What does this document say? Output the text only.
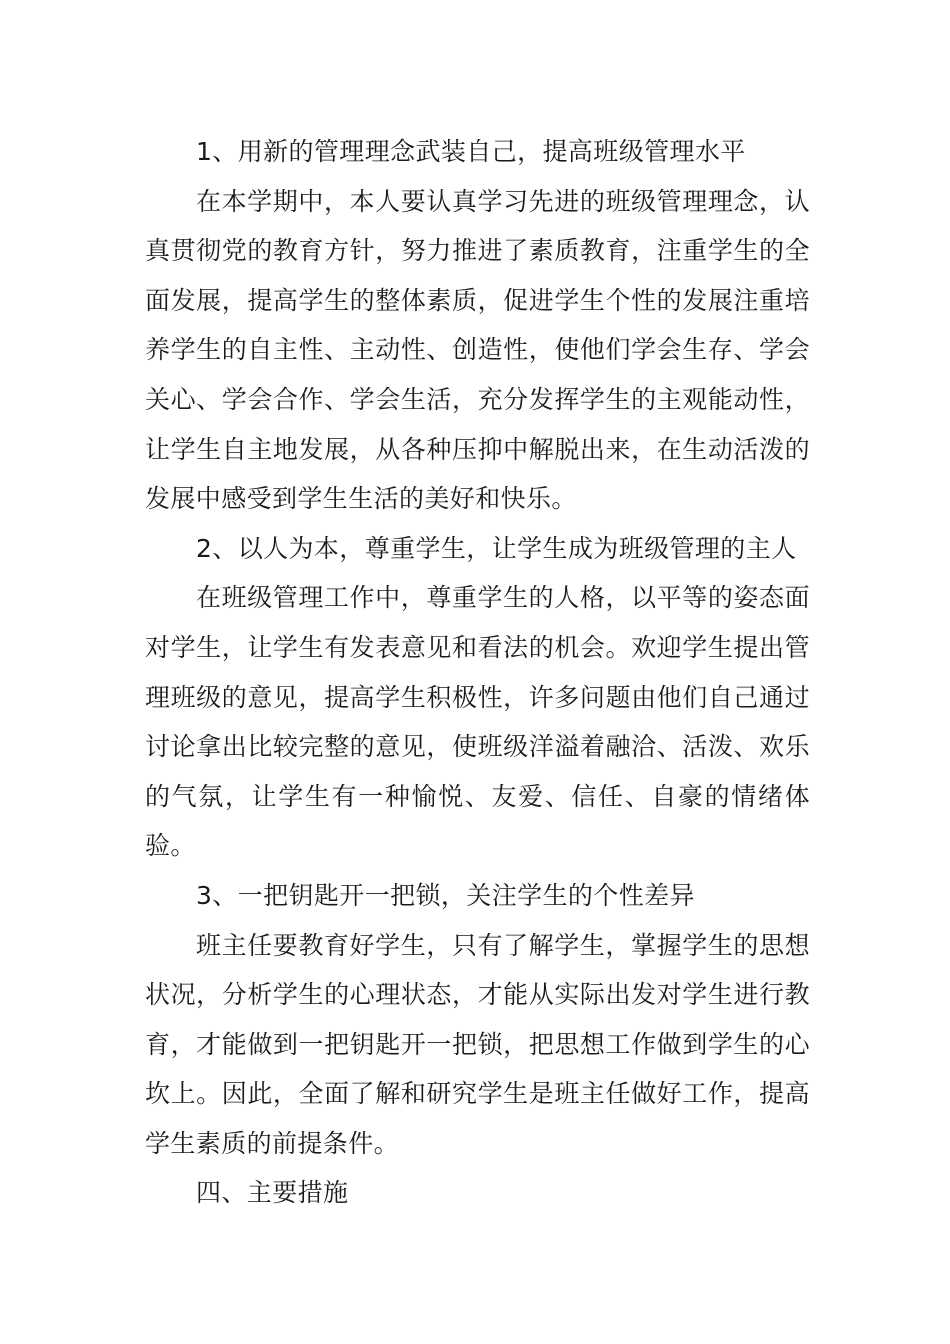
1、用新的管理理念武装自己，提高班级管理水平

在本学期中，本人要认真学习先进的班级管理理念，认真贯彻党的教育方针，努力推进了素质教育，注重学生的全面发展，提高学生的整体素质，促进学生个性的发展注重培养学生的自主性、主动性、创造性，使他们学会生存、学会关心、学会合作、学会生活，充分发挥学生的主观能动性，让学生自主地发展，从各种压抑中解脱出来，在生动活泼的发展中感受到学生生活的美好和快乐。

2、以人为本，尊重学生，让学生成为班级管理的主人

在班级管理工作中，尊重学生的人格，以平等的姿态面对学生，让学生有发表意见和看法的机会。欢迎学生提出管理班级的意见，提高学生积极性，许多问题由他们自己通过讨论拿出比较完整的意见，使班级洋溢着融洽、活泼、欢乐的气氛，让学生有一种愉悦、友爱、信任、自豪的情绪体验。

3、一把钥匙开一把锁，关注学生的个性差异

班主任要教育好学生，只有了解学生，掌握学生的思想状况，分析学生的心理状态，才能从实际出发对学生进行教育，才能做到一把钥匙开一把锁，把思想工作做到学生的心坎上。因此，全面了解和研究学生是班主任做好工作，提高学生素质的前提条件。

四、主要措施
